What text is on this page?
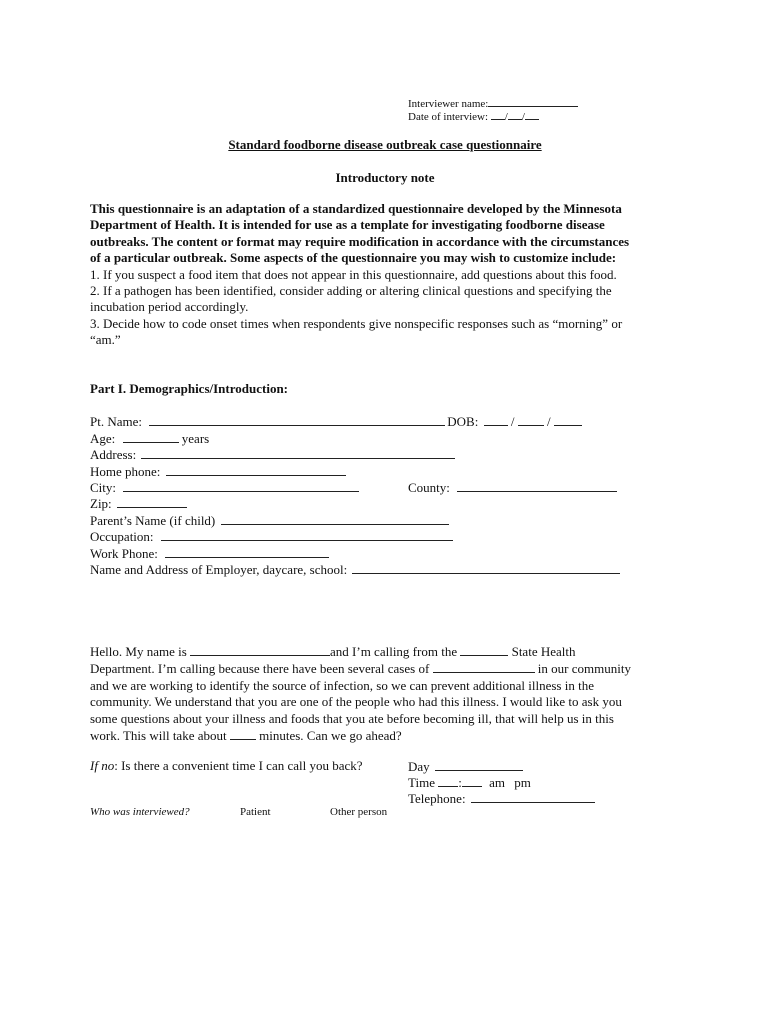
Interviewer name:
Date of interview: / /
Standard foodborne disease outbreak case questionnaire
Introductory note
This questionnaire is an adaptation of a standardized questionnaire developed by the Minnesota
Department of Health. It is intended for use as a template for investigating foodborne disease
outbreaks. The content or format may require modification in accordance with the circumstances
of a particular outbreak. Some aspects of the questionnaire you may wish to customize include:
1. If you suspect a food item that does not appear in this questionnaire, add questions about this food.
2. If a pathogen has been identified, consider adding or altering clinical questions and specifying the
incubation period accordingly.
3. Decide how to code onset times when respondents give nonspecific responses such as “morning” or
“am.”
Part I. Demographics/Introduction:
Pt. Name:	DOB:	/	/
Age:	years
Address:
Home phone:
City:	County:
Zip:
Parent’s Name (if child)
Occupation:
Work Phone:
Name and Address of Employer, daycare, school:
Hello. My name is	and I’m calling from the	State Health
Department. I’m calling because there have been several cases of	in our community
and we are working to identify the source of infection, so we can prevent additional illness in the
community. We understand that you are one of the people who had this illness. I would like to ask you
some questions about your illness and foods that you ate before becoming ill, that will help us in this
work. This will take about	minutes. Can we go ahead?
If no: Is there a convenient time I can call you back?	Day
Time : am pm
Telephone:
Who was interviewed?	Patient	Other person
